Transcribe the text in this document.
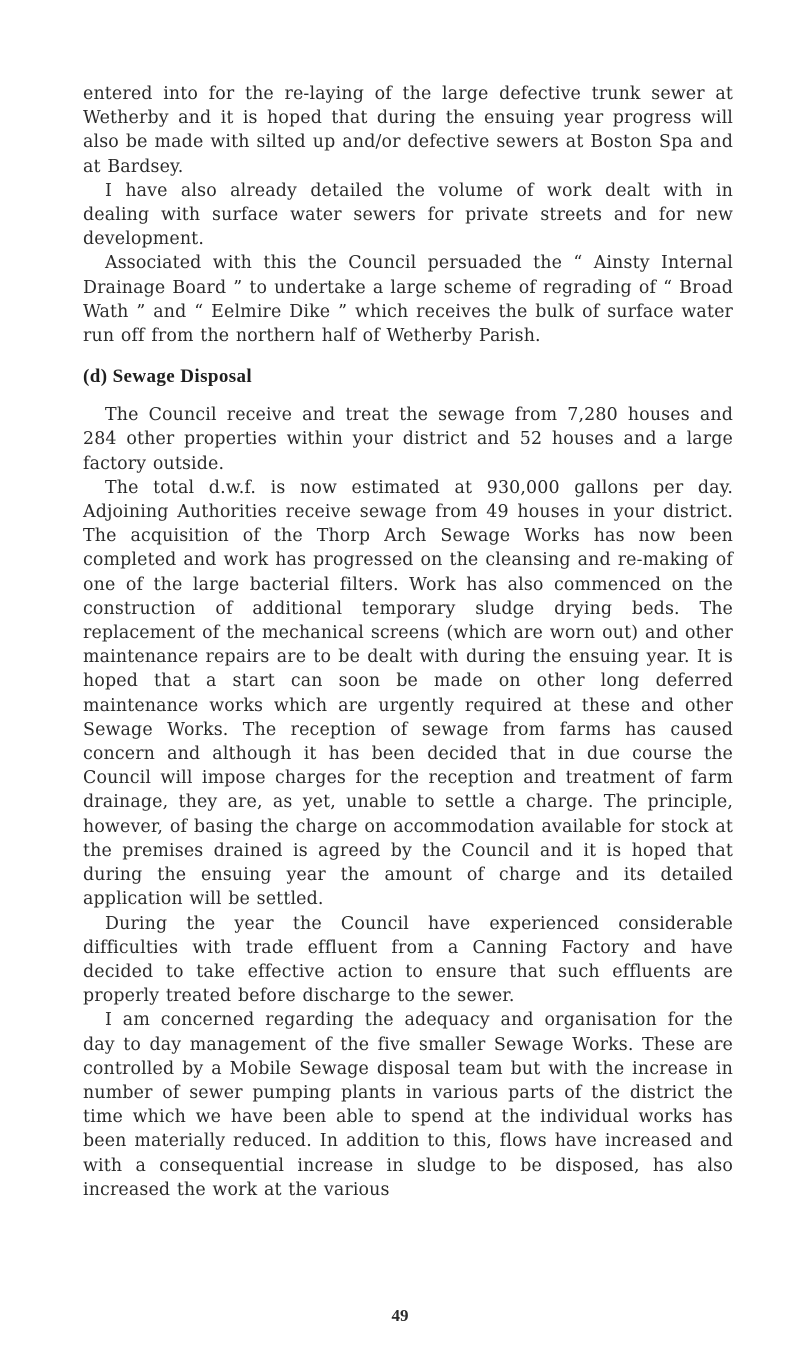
entered into for the re-laying of the large defective trunk sewer at Wetherby and it is hoped that during the ensuing year progress will also be made with silted up and/or defective sewers at Boston Spa and at Bardsey.

I have also already detailed the volume of work dealt with in dealing with surface water sewers for private streets and for new development.

Associated with this the Council persuaded the “ Ainsty Internal Drainage Board ” to undertake a large scheme of regrading of “ Broad Wath ” and “ Eelmire Dike ” which receives the bulk of surface water run off from the northern half of Wetherby Parish.

(d) Sewage Disposal

The Council receive and treat the sewage from 7,280 houses and 284 other properties within your district and 52 houses and a large factory outside.

The total d.w.f. is now estimated at 930,000 gallons per day. Adjoining Authorities receive sewage from 49 houses in your district. The acquisition of the Thorp Arch Sewage Works has now been completed and work has progressed on the cleansing and re-making of one of the large bacterial filters. Work has also commenced on the construction of additional temporary sludge drying beds. The replacement of the mechanical screens (which are worn out) and other maintenance repairs are to be dealt with during the ensuing year. It is hoped that a start can soon be made on other long deferred maintenance works which are urgently required at these and other Sewage Works. The reception of sewage from farms has caused concern and although it has been decided that in due course the Council will impose charges for the reception and treatment of farm drainage, they are, as yet, unable to settle a charge. The principle, however, of basing the charge on accommodation available for stock at the premises drained is agreed by the Council and it is hoped that during the ensuing year the amount of charge and its detailed application will be settled.

During the year the Council have experienced considerable difficulties with trade effluent from a Canning Factory and have decided to take effective action to ensure that such effluents are properly treated before discharge to the sewer.

I am concerned regarding the adequacy and organisation for the day to day management of the five smaller Sewage Works. These are controlled by a Mobile Sewage disposal team but with the increase in number of sewer pumping plants in various parts of the district the time which we have been able to spend at the individual works has been materially reduced. In addition to this, flows have increased and with a consequential increase in sludge to be disposed, has also increased the work at the various

49
